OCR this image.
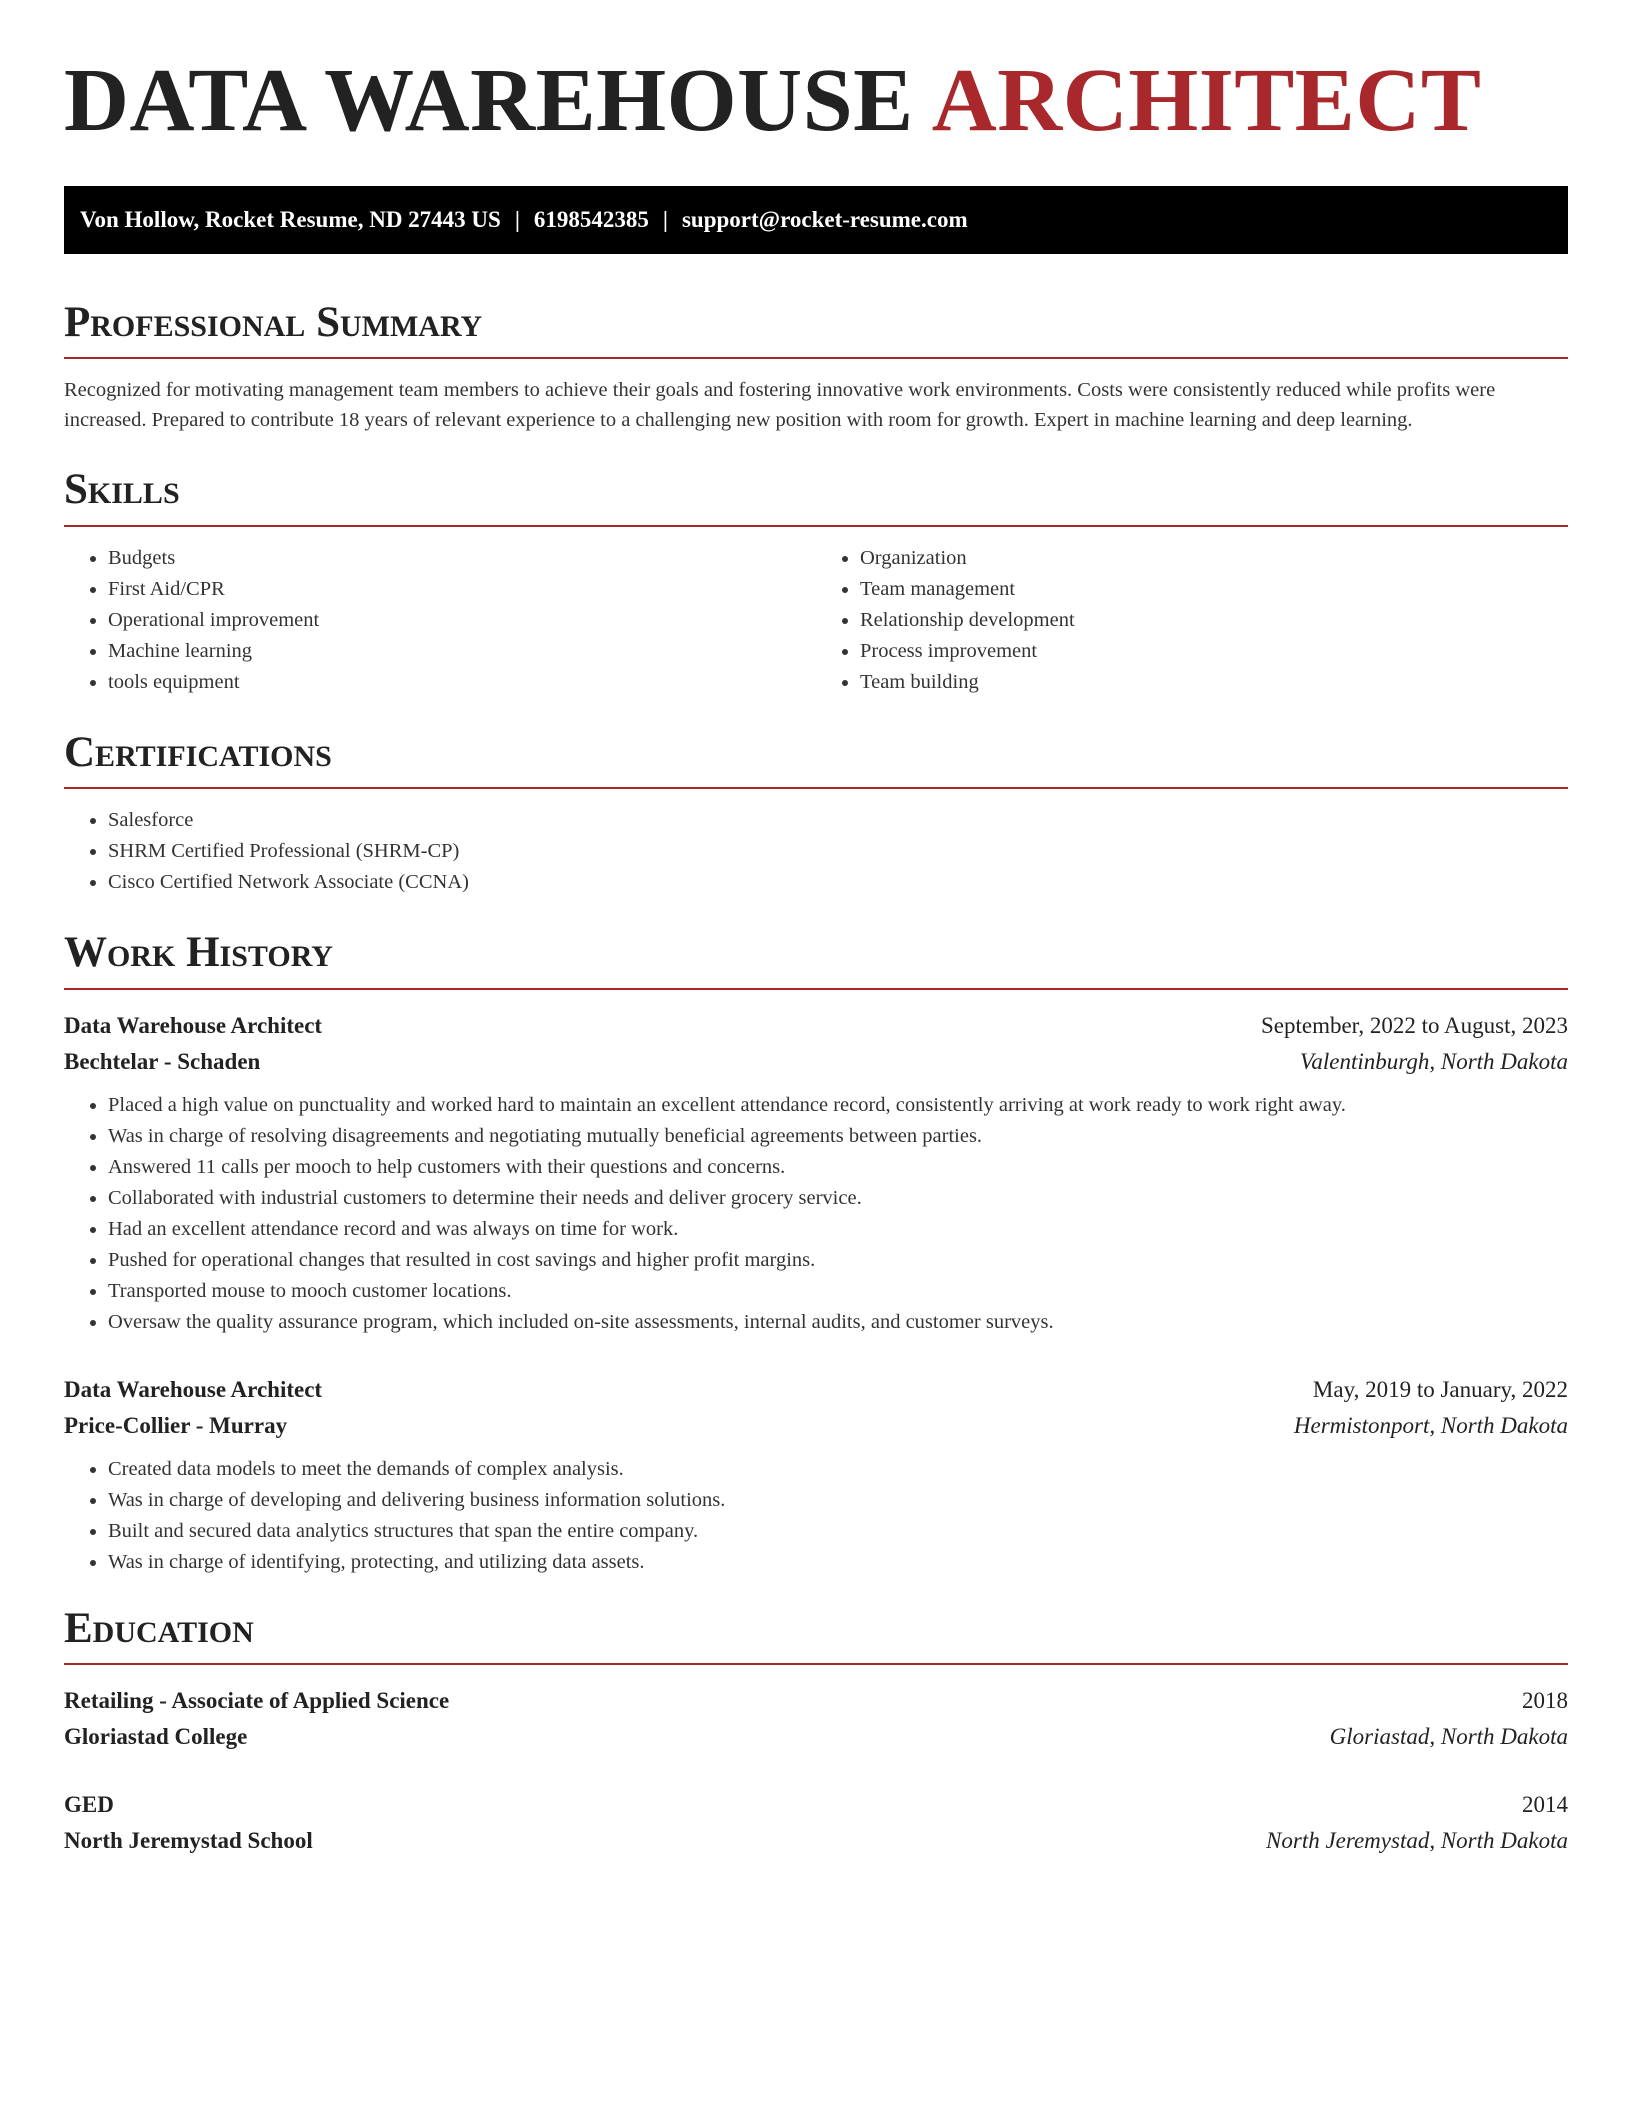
DATA WAREHOUSE ARCHITECT
Von Hollow, Rocket Resume, ND 27443 US | 6198542385 | support@rocket-resume.com
Professional Summary

Recognized for motivating management team members to achieve their goals and fostering innovative work environments. Costs were consistently reduced while profits were increased. Prepared to contribute 18 years of relevant experience to a challenging new position with room for growth. Expert in machine learning and deep learning.

Skills
• Budgets
• First Aid/CPR
• Operational improvement
• Machine learning
• tools equipment
• Organization
• Team management
• Relationship development
• Process improvement
• Team building
Certifications
• Salesforce
• SHRM Certified Professional (SHRM-CP)
• Cisco Certified Network Associate (CCNA)
Work History
Data Warehouse Architect	September, 2022 to August, 2023
Bechtelar - Schaden	Valentinburgh, North Dakota
• Placed a high value on punctuality and worked hard to maintain an excellent attendance record, consistently arriving at work ready to work right away.
• Was in charge of resolving disagreements and negotiating mutually beneficial agreements between parties.
• Answered 11 calls per mooch to help customers with their questions and concerns.
• Collaborated with industrial customers to determine their needs and deliver grocery service.
• Had an excellent attendance record and was always on time for work.
• Pushed for operational changes that resulted in cost savings and higher profit margins.
• Transported mouse to mooch customer locations.
• Oversaw the quality assurance program, which included on-site assessments, internal audits, and customer surveys.
Data Warehouse Architect	May, 2019 to January, 2022
Price-Collier - Murray	Hermistonport, North Dakota
• Created data models to meet the demands of complex analysis.
• Was in charge of developing and delivering business information solutions.
• Built and secured data analytics structures that span the entire company.
• Was in charge of identifying, protecting, and utilizing data assets.
Education
Retailing - Associate of Applied Science	2018
Gloriastad College	Gloriastad, North Dakota
GED	2014
North Jeremystad School	North Jeremystad, North Dakota
